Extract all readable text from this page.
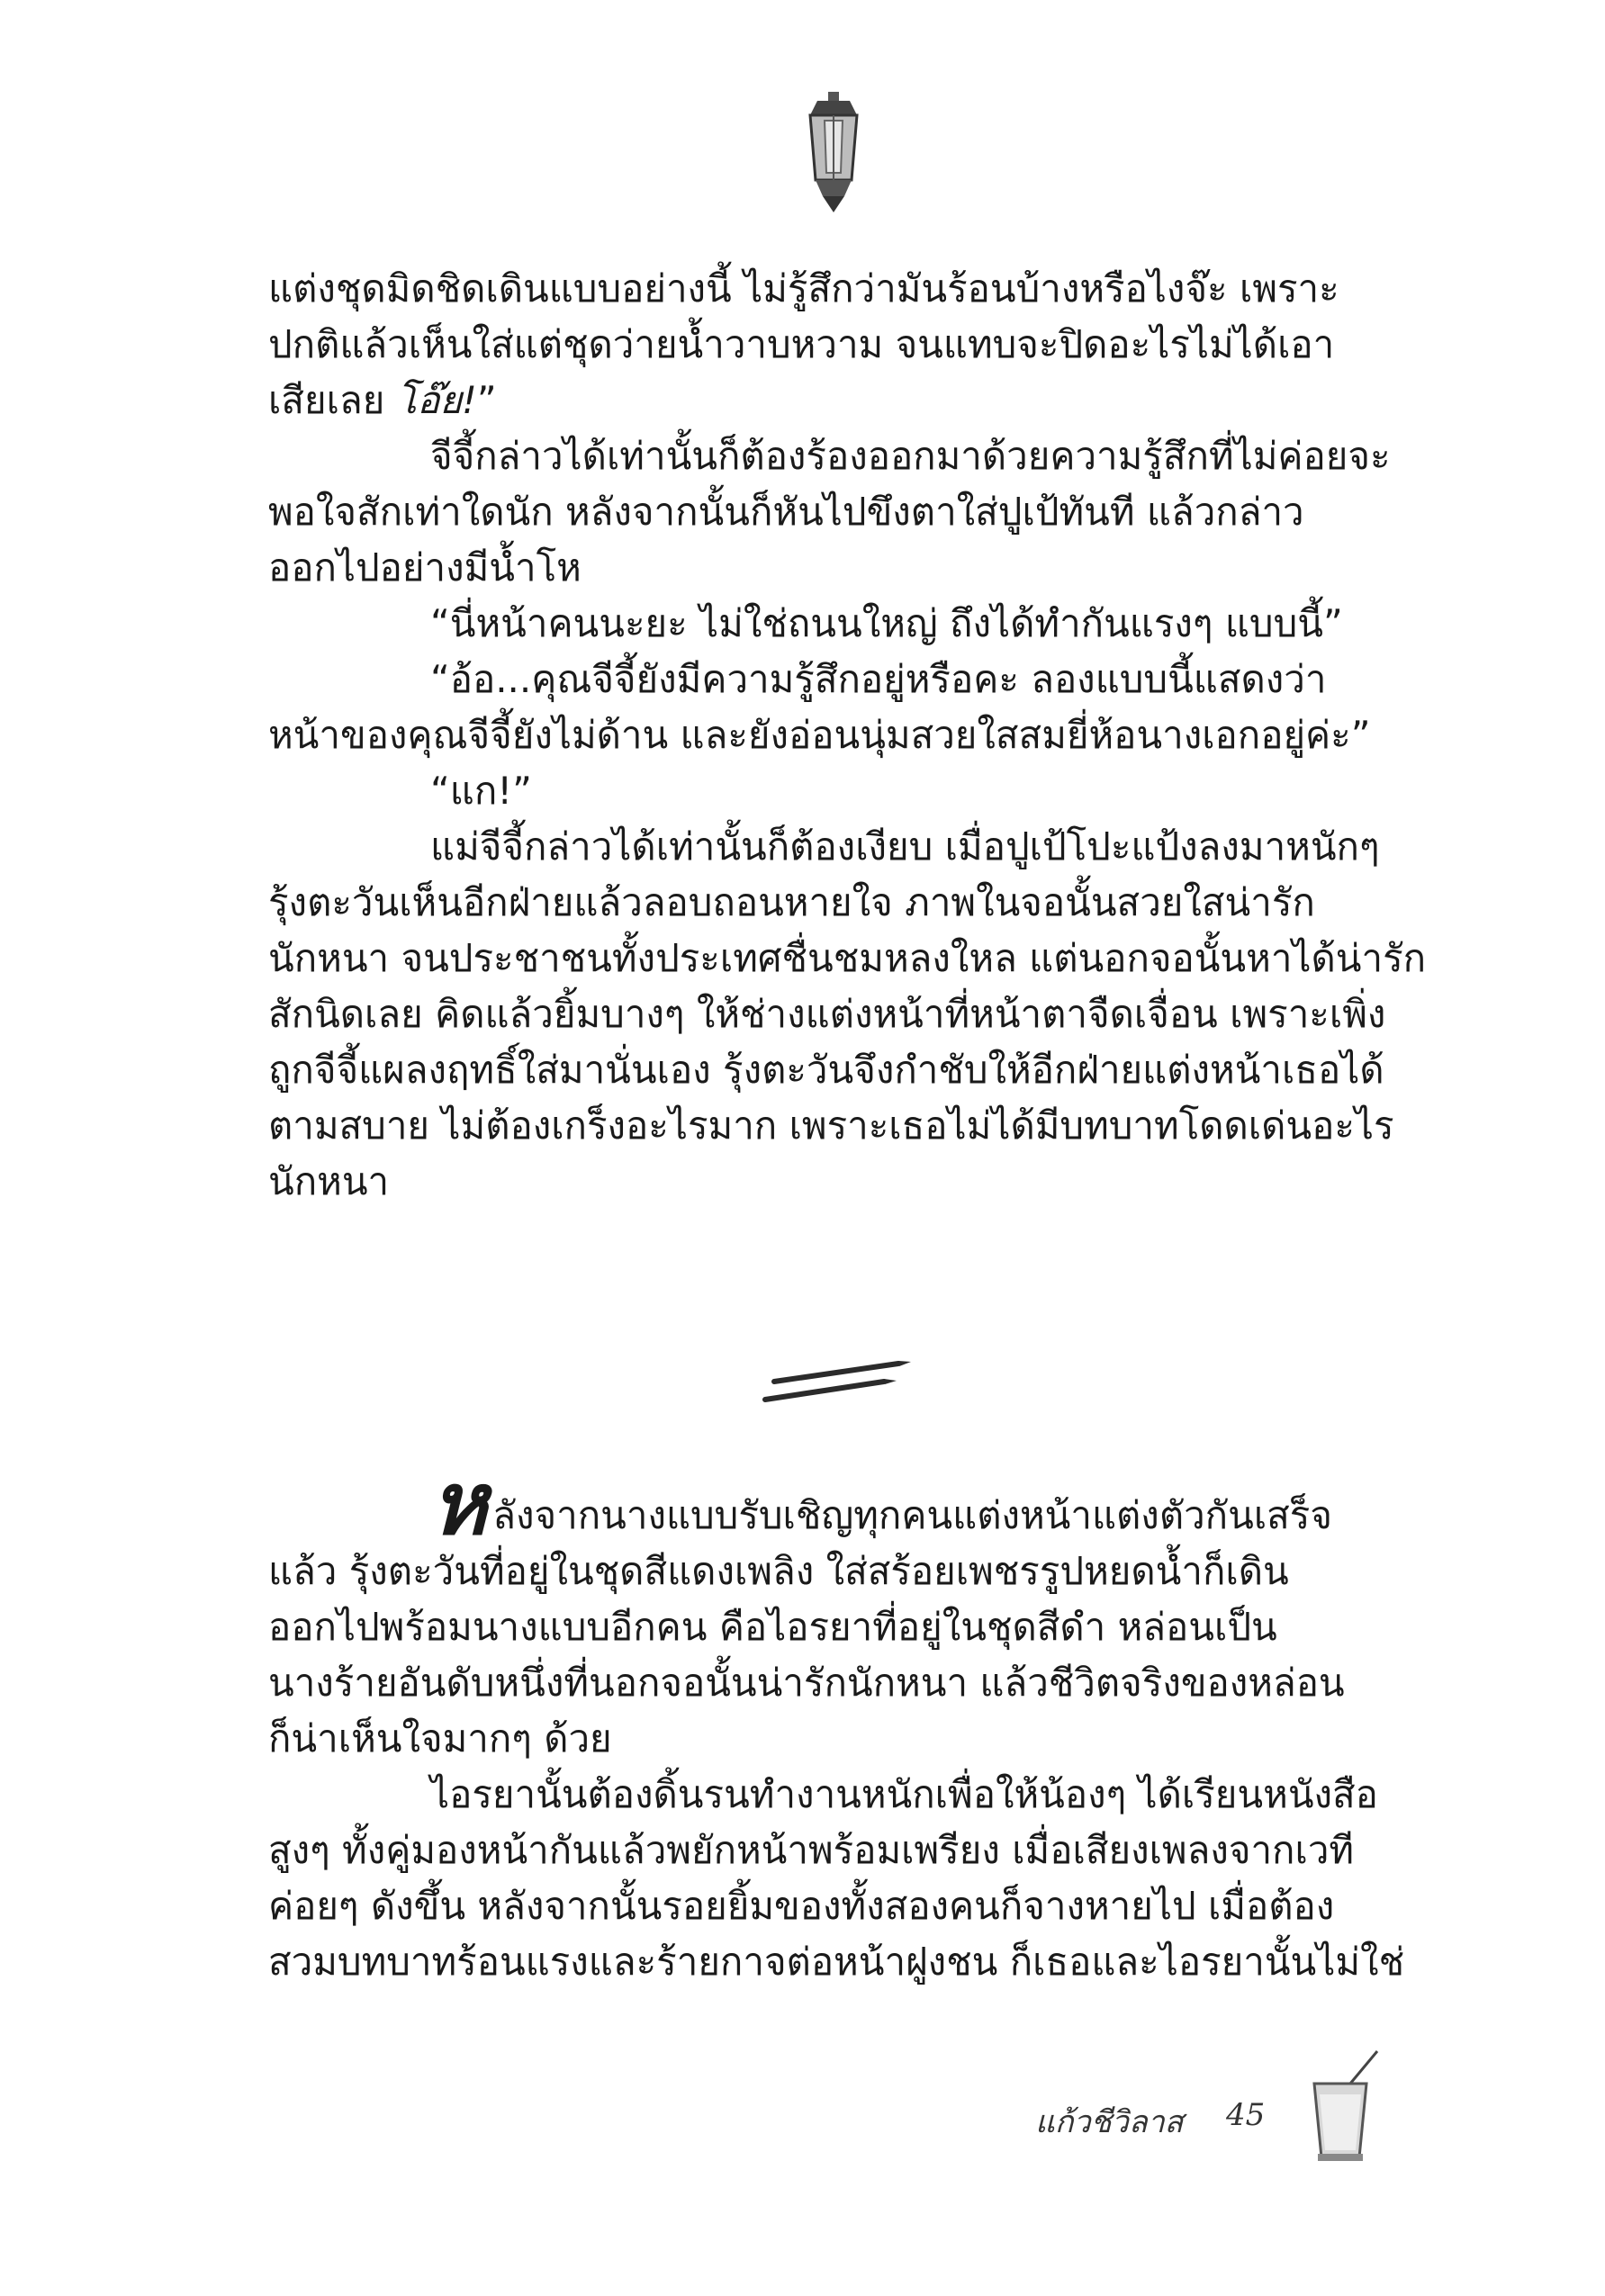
แต่งชุดมิดชิดเดินแบบอย่างนี้ ไม่รู้สึกว่ามันร้อนบ้างหรือไงจ๊ะ เพราะ
ปกติแล้วเห็นใส่แต่ชุดว่ายน้ำวาบหวาม จนแทบจะปิดอะไรไม่ได้เอา
เสียเลย โอ๊ย!”
จีจี้กล่าวได้เท่านั้นก็ต้องร้องออกมาด้วยความรู้สึกที่ไม่ค่อยจะ
พอใจสักเท่าใดนัก หลังจากนั้นก็หันไปขึงตาใส่ปูเป้ทันที แล้วกล่าว
ออกไปอย่างมีน้ำโห
“นี่หน้าคนนะยะ ไม่ใช่ถนนใหญ่ ถึงได้ทำกันแรงๆ แบบนี้”
“อ้อ...คุณจีจี้ยังมีความรู้สึกอยู่หรือคะ ลองแบบนี้แสดงว่า
หน้าของคุณจีจี้ยังไม่ด้าน และยังอ่อนนุ่มสวยใสสมยี่ห้อนางเอกอยู่ค่ะ”
“แก!”
แม่จีจี้กล่าวได้เท่านั้นก็ต้องเงียบ เมื่อปูเป้โปะแป้งลงมาหนักๆ
รุ้งตะวันเห็นอีกฝ่ายแล้วลอบถอนหายใจ ภาพในจอนั้นสวยใสน่ารัก
นักหนา จนประชาชนทั้งประเทศชื่นชมหลงใหล แต่นอกจอนั้นหาได้น่ารัก
สักนิดเลย คิดแล้วยิ้มบางๆ ให้ช่างแต่งหน้าที่หน้าตาจืดเจื่อน เพราะเพิ่ง
ถูกจีจี้แผลงฤทธิ์ใส่มานั่นเอง รุ้งตะวันจึงกำชับให้อีกฝ่ายแต่งหน้าเธอได้
ตามสบาย ไม่ต้องเกร็งอะไรมาก เพราะเธอไม่ได้มีบทบาทโดดเด่นอะไร
นักหนา
หลังจากนางแบบรับเชิญทุกคนแต่งหน้าแต่งตัวกันเสร็จ
แล้ว รุ้งตะวันที่อยู่ในชุดสีแดงเพลิง ใส่สร้อยเพชรรูปหยดน้ำก็เดิน
ออกไปพร้อมนางแบบอีกคน คือไอรยาที่อยู่ในชุดสีดำ หล่อนเป็น
นางร้ายอันดับหนึ่งที่นอกจอนั้นน่ารักนักหนา แล้วชีวิตจริงของหล่อน
ก็น่าเห็นใจมากๆ ด้วย
ไอรยานั้นต้องดิ้นรนทำงานหนักเพื่อให้น้องๆ ได้เรียนหนังสือ
สูงๆ ทั้งคู่มองหน้ากันแล้วพยักหน้าพร้อมเพรียง เมื่อเสียงเพลงจากเวที
ค่อยๆ ดังขึ้น หลังจากนั้นรอยยิ้มของทั้งสองคนก็จางหายไป เมื่อต้อง
สวมบทบาทร้อนแรงและร้ายกาจต่อหน้าฝูงชน ก็เธอและไอรยานั้นไม่ใช่
แก้วชีวิลาส 45
